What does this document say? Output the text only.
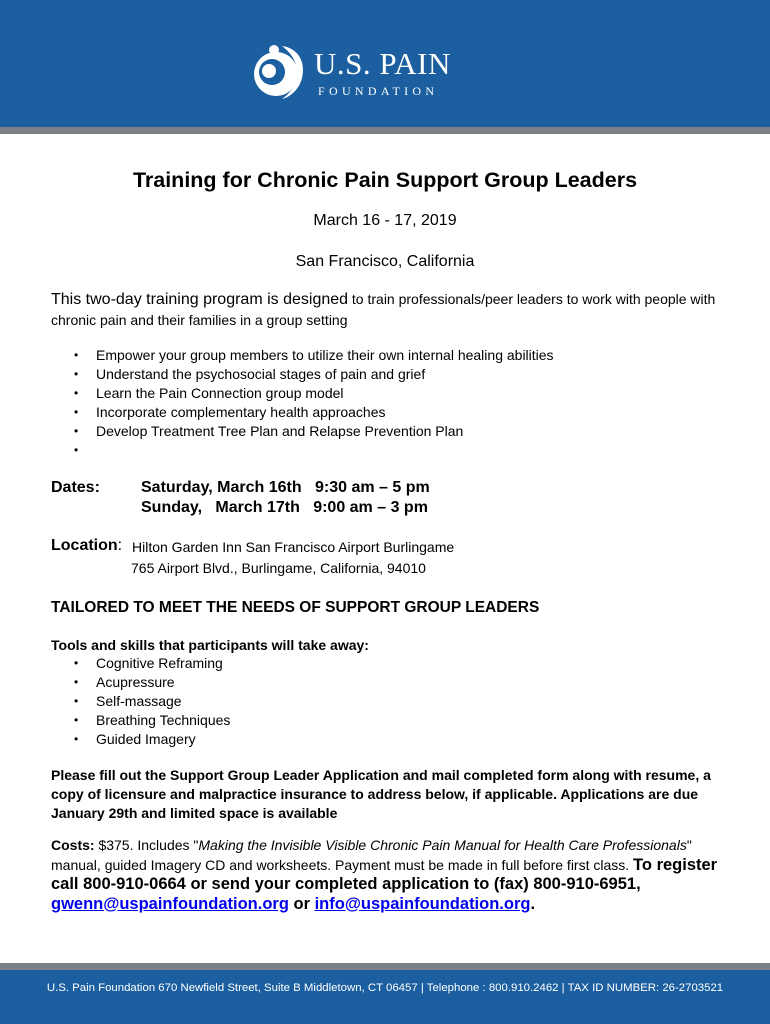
U.S. PAIN
FOUNDATION
Training for Chronic Pain Support Group Leaders
March 16 - 17, 2019
San Francisco, California
This two-day training program is designed to train professionals/peer leaders to work with people with chronic pain and their families in a group setting
• Empower your group members to utilize their own internal healing abilities
• Understand the psychosocial stages of pain and grief
• Learn the Pain Connection group model
• Incorporate complementary health approaches
• Develop Treatment Tree Plan and Relapse Prevention Plan
•
Dates:	Saturday, March 16th   9:30 am – 5 pm
Sunday,   March 17th   9:00 am – 3 pm
Location: Hilton Garden Inn San Francisco Airport Burlingame
765 Airport Blvd., Burlingame, California, 94010
TAILORED TO MEET THE NEEDS OF SUPPORT GROUP LEADERS
Tools and skills that participants will take away:
• Cognitive Reframing
• Acupressure
• Self-massage
• Breathing Techniques
• Guided Imagery
Please fill out the Support Group Leader Application and mail completed form along with resume, a copy of licensure and malpractice insurance to address below, if applicable. Applications are due January 29th and limited space is available
Costs: $375. Includes "Making the Invisible Visible Chronic Pain Manual for Health Care Professionals" manual, guided Imagery CD and worksheets. Payment must be made in full before first class. To register call 800-910-0664 or send your completed application to (fax) 800-910-6951, gwenn@uspainfoundation.org or info@uspainfoundation.org.
U.S. Pain Foundation 670 Newfield Street, Suite B Middletown, CT 06457 | Telephone : 800.910.2462 | TAX ID NUMBER: 26-2703521
